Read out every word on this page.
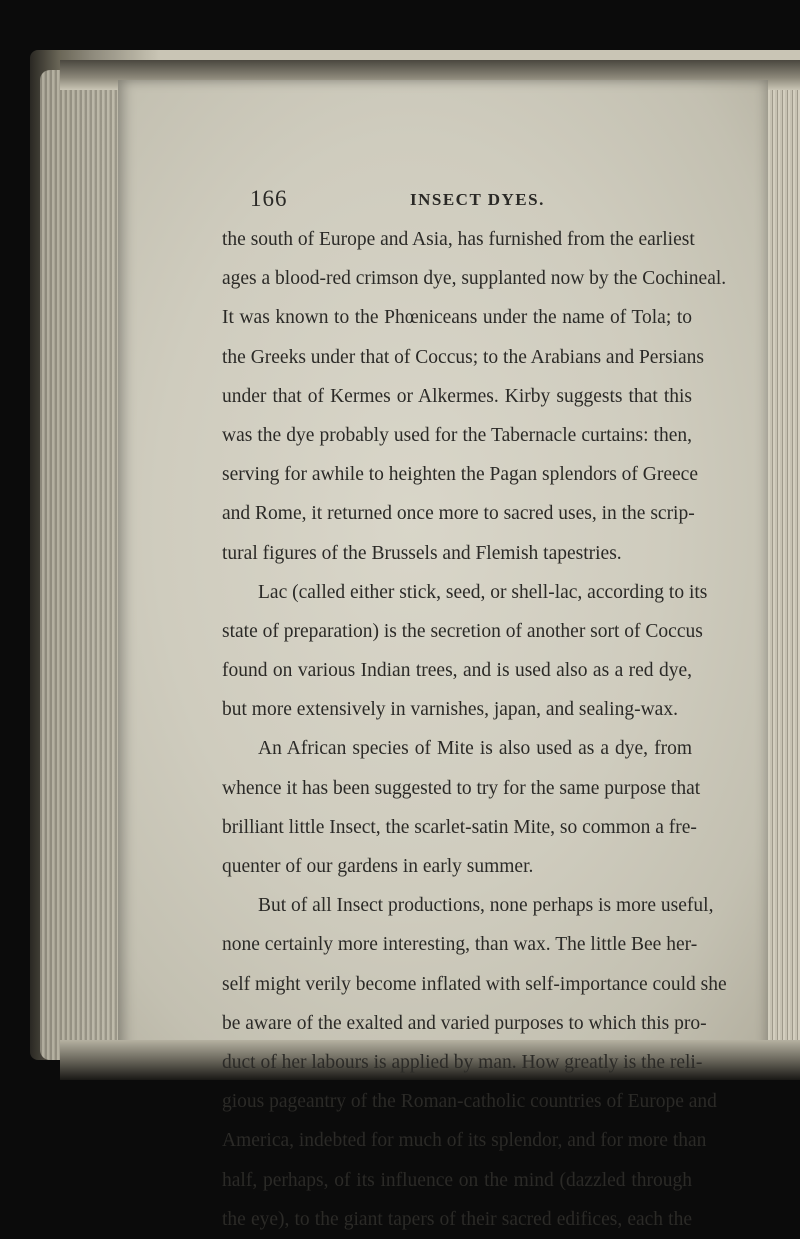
166	INSECT DYES.
the south of Europe and Asia, has furnished from the earliest
ages a blood-red crimson dye, supplanted now by the Cochineal.
It was known to the Phœniceans under the name of Tola; to
the Greeks under that of Coccus; to the Arabians and Persians
under that of Kermes or Alkermes. Kirby suggests that this
was the dye probably used for the Tabernacle curtains: then,
serving for awhile to heighten the Pagan splendors of Greece
and Rome, it returned once more to sacred uses, in the scrip-
tural figures of the Brussels and Flemish tapestries.
Lac (called either stick, seed, or shell-lac, according to its
state of preparation) is the secretion of another sort of Coccus
found on various Indian trees, and is used also as a red dye,
but more extensively in varnishes, japan, and sealing-wax.
An African species of Mite is also used as a dye, from
whence it has been suggested to try for the same purpose that
brilliant little Insect, the scarlet-satin Mite, so common a fre-
quenter of our gardens in early summer.
But of all Insect productions, none perhaps is more useful,
none certainly more interesting, than wax. The little Bee her-
self might verily become inflated with self-importance could she
be aware of the exalted and varied purposes to which this pro-
duct of her labours is applied by man. How greatly is the reli-
gious pageantry of the Roman-catholic countries of Europe and
America, indebted for much of its splendor, and for more than
half, perhaps, of its influence on the mind (dazzled through
the eye), to the giant tapers of their sacred edifices, each the
